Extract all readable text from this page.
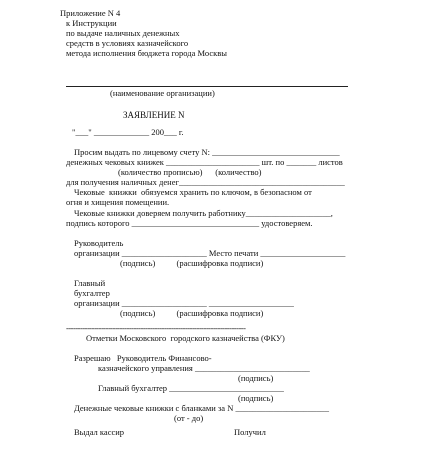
Приложение N 4
к Инструкции
по выдаче наличных денежных
средств в условиях казначейского
метода исполнения бюджета города Москвы
(наименование организации)
ЗАЯВЛЕНИЕ N
"___" _____________ 200___ г.
Просим выдать по лицевому счету N: ______________________________
денежных чековых книжек ______________________ шт. по _______ листов
(количество прописью)      (количество)
для получения наличных денег_______________________________________
Чековые  книжки  обязуемся хранить по ключом, в безопасном от
огня и хищения помещении.
Чековые книжки доверяем получить работнику____________________,
подпись которого ______________________________ удостоверяем.
Руководитель
организации ____________________ Место печати ____________________
(подпись)          (расшифровка подписи)
Главный
бухгалтер
организации ____________________ ____________________
(подпись)          (расшифровка подписи)
-----------------------------------------------------------------------------
Отметки Московского  городского казначейства (ФКУ)
Разрешаю   Руководитель Финансово-
казначейского управления ___________________________
(подпись)
Главный бухгалтер ___________________________
(подпись)
Денежные чековые книжки с бланками за N ______________________
(от - до)
Выдал кассир	Получил
